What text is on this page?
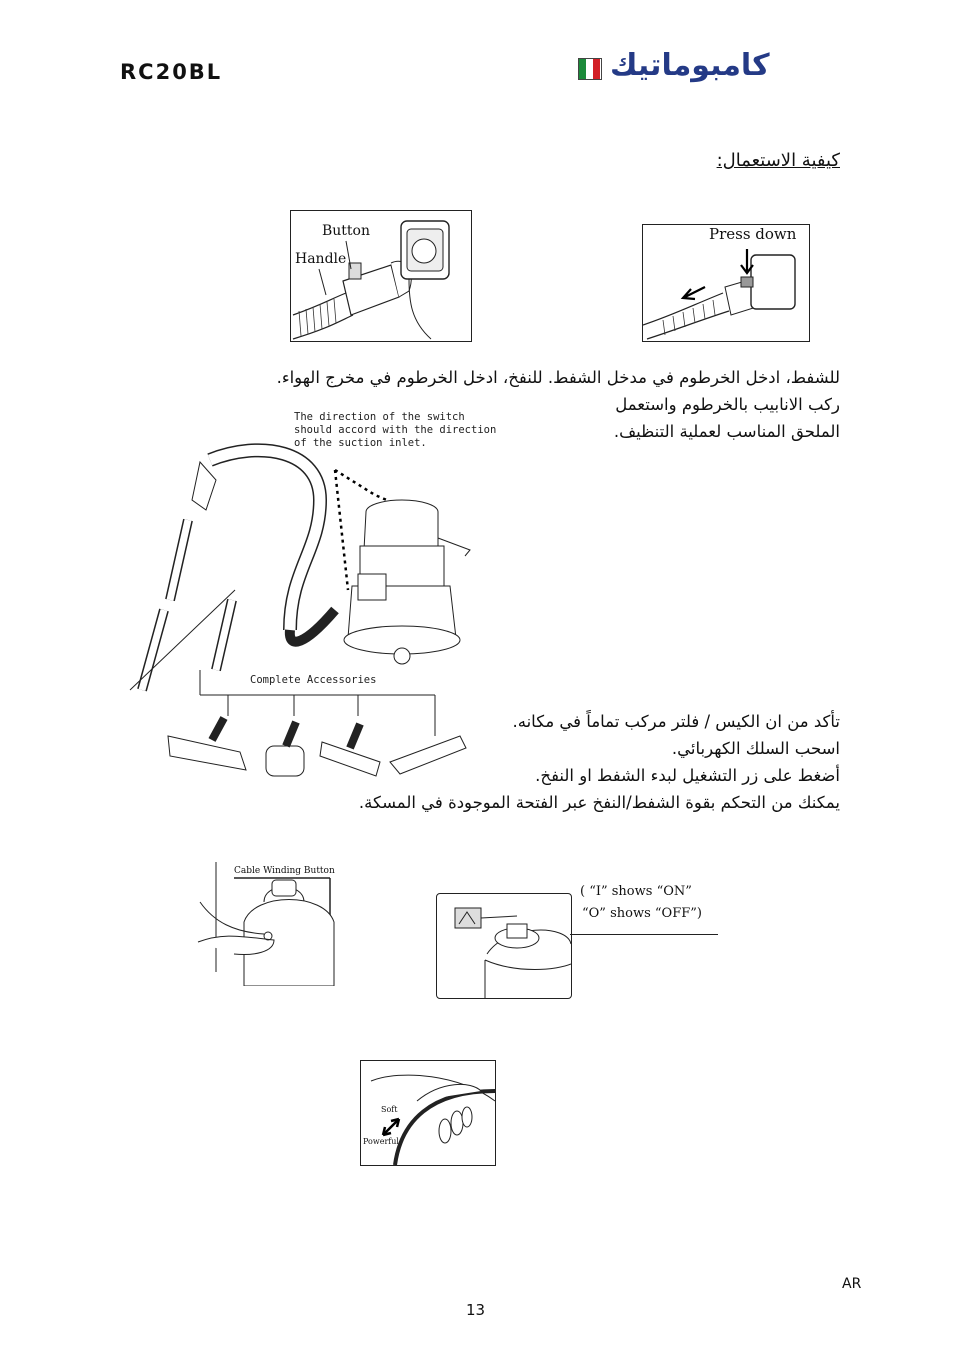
RC20BL	كامبوماتيك
كيفية الاستعمال:
Button
Handle
Press down
للشفط، ادخل الخرطوم في مدخل الشفط. للنفخ، ادخل الخرطوم في مخرج الهواء.
ركب الانابيب بالخرطوم واستعمل
الملحق المناسب لعملية التنظيف.
The direction of the switch
should accord with the direction
of the suction inlet.
Complete Accessories
تأكد من ان الكيس / فلتر مركب تماماً في مكانه.
اسحب السلك الكهربائي.
أضغط على زر التشغيل لبدء الشفط او النفخ.
يمكنك من التحكم بقوة الشفط/النفخ عبر الفتحة الموجودة في المسكة.
Cable Winding Button
( “I” shows “ON”
“O” shows “OFF”)
Soft
Powerful
AR
13
